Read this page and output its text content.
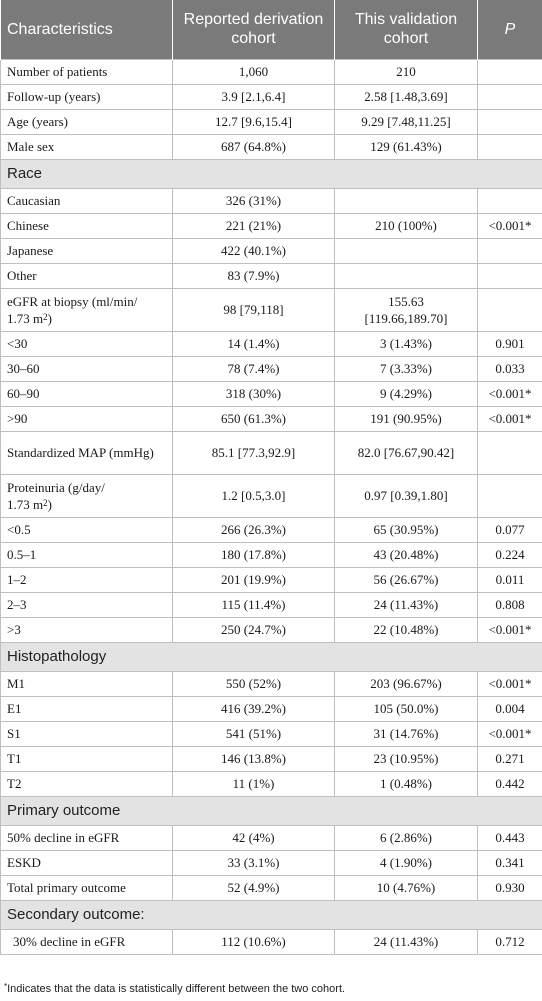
Characteristics	Reported derivation cohort	This validation cohort	P
Number of patients	1,060	210	
Follow-up (years)	3.9 [2.1,6.4]	2.58 [1.48,3.69]	
Age (years)	12.7 [9.6,15.4]	9.29 [7.48,11.25]	
Male sex	687 (64.8%)	129 (61.43%)	
Race			
Caucasian	326 (31%)		
Chinese	221 (21%)	210 (100%)	<0.001*
Japanese	422 (40.1%)		
Other	83 (7.9%)		
eGFR at biopsy (ml/min/
1.73 $m^2$)	98 [79,118]	155.63 [119.66,189.70]	
<30	14 (1.4%)	3 (1.43%)	0.901
30–60	78 (7.4%)	7 (3.33%)	0.033
60–90	318 (30%)	9 (4.29%)	<0.001*
>90	650 (61.3%)	191 (90.95%)	<0.001*
Standardized MAP (mmHg)	85.1 [77.3,92.9]	82.0 [76.67,90.42]	
Proteinuria (g/day/
1.73 $m^2$)	1.2 [0.5,3.0]	0.97 [0.39,1.80]	
<0.5	266 (26.3%)	65 (30.95%)	0.077
0.5–1	180 (17.8%)	43 (20.48%)	0.224
1–2	201 (19.9%)	56 (26.67%)	0.011
2–3	115 (11.4%)	24 (11.43%)	0.808
>3	250 (24.7%)	22 (10.48%)	<0.001*
Histopathology			
M1	550 (52%)	203 (96.67%)	<0.001*
E1	416 (39.2%)	105 (50.0%)	0.004
S1	541 (51%)	31 (14.76%)	<0.001*
T1	146 (13.8%)	23 (10.95%)	0.271
T2	11 (1%)	1 (0.48%)	0.442
Primary outcome			
50% decline in eGFR	42 (4%)	6 (2.86%)	0.443
ESKD	33 (3.1%)	4 (1.90%)	0.341
Total primary outcome	52 (4.9%)	10 (4.76%)	0.930
Secondary outcome:			
30% decline in eGFR	112 (10.6%)	24 (11.43%)	0.712
*Indicates that the data is statistically different between the two cohort.
